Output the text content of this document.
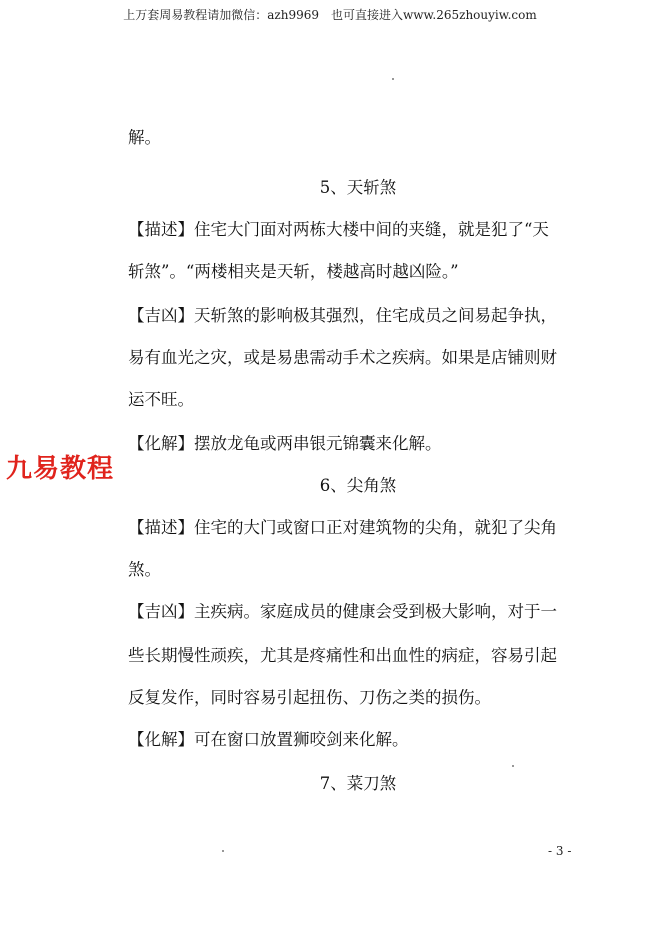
上万套周易教程请加微信：azh9969　也可直接进入www.265zhouyiw.com
九易教程
解。
5、天斩煞
【描述】住宅大门面对两栋大楼中间的夹缝，就是犯了“天
斩煞”。“两楼相夹是天斩，楼越高时越凶险。”
【吉凶】天斩煞的影响极其强烈，住宅成员之间易起争执，
易有血光之灾，或是易患需动手术之疾病。如果是店铺则财
运不旺。
【化解】摆放龙龟或两串银元锦囊来化解。
6、尖角煞
【描述】住宅的大门或窗口正对建筑物的尖角，就犯了尖角
煞。
【吉凶】主疾病。家庭成员的健康会受到极大影响，对于一
些长期慢性顽疾，尤其是疼痛性和出血性的病症，容易引起
反复发作，同时容易引起扭伤、刀伤之类的损伤。
【化解】可在窗口放置狮咬剑来化解。
7、菜刀煞
- 3 -
